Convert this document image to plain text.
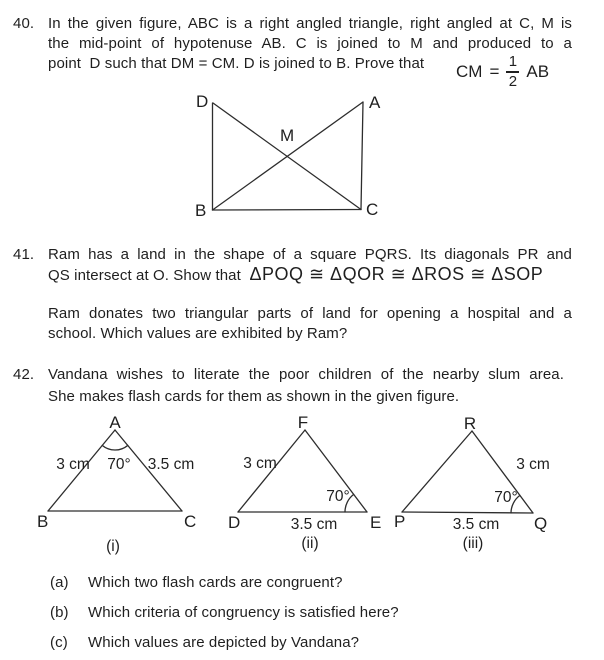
40. In the given figure, ABC is a right angled triangle, right angled at C, M is
the mid-point of hypotenuse AB. C is joined to M and produced to a
point  D such that DM = CM. D is joined to B. Prove that CM = $\frac{1}{2}$ AB
D	A
M
B	C
41. Ram has a land in the shape of a square PQRS. Its diagonals PR and
QS intersect at O. Show that  ΔPOQ ≅ ΔQOR ≅ ΔROS ≅ ΔSOP
Ram donates two triangular parts of land for opening a hospital and a
school. Which values are exhibited by Ram?
42. Vandana wishes to literate the poor children of the nearby slum area.
She makes flash cards for them as shown in the given figure.
A
B	C
3 cm 70° 3.5 cm
(i)
F
D	E
3 cm
70°
3.5 cm
(ii)
R
P	Q
3 cm
70°
3.5 cm
(iii)
(a) Which two flash cards are congruent?
(b) Which criteria of congruency is satisfied here?
(c) Which values are depicted by Vandana?
